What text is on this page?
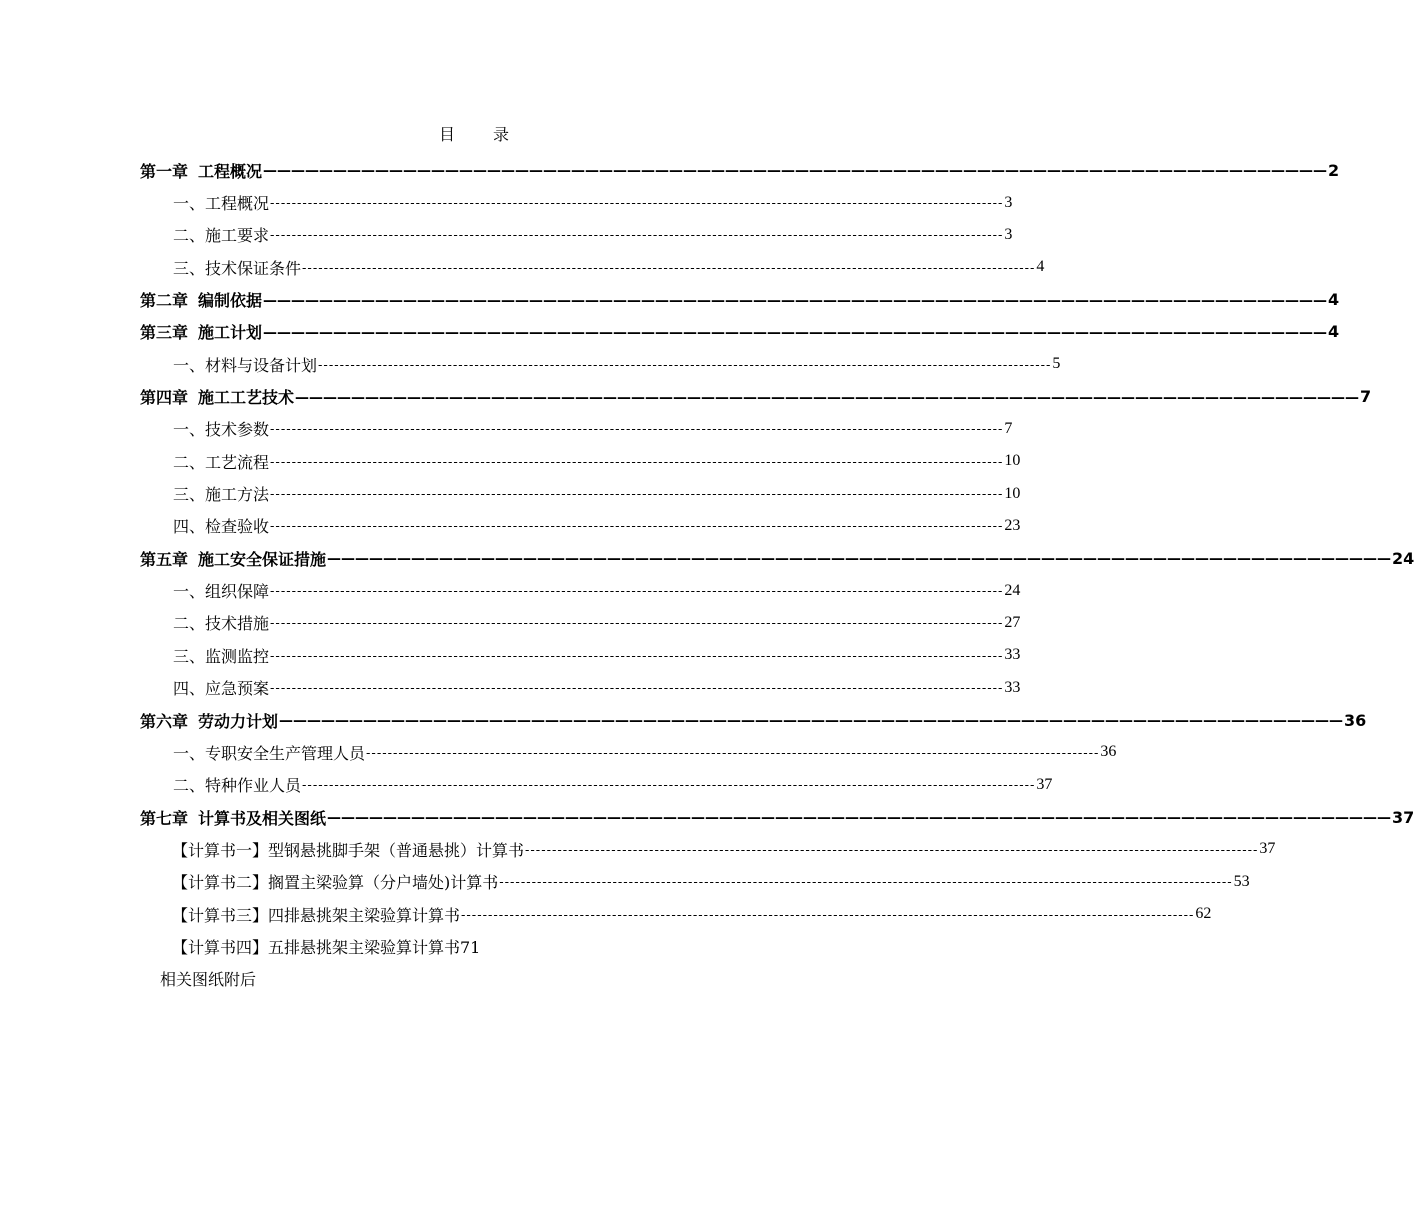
目 录
第一章 工程概况 ———————————————————————————————————————————————————————————————————————————— 2
一、 工程概况 ---------------------------------------------------------------------------------------------------------------------------------------- 3
二、 施工要求 ---------------------------------------------------------------------------------------------------------------------------------------- 3
三、 技术保证条件 ---------------------------------------------------------------------------------------------------------------------------------------- 4
第二章 编制依据 ———————————————————————————————————————————————————————————————————————————— 4
第三章 施工计划 ———————————————————————————————————————————————————————————————————————————— 4
一、 材料与设备计划 ---------------------------------------------------------------------------------------------------------------------------------------- 5
第四章 施工工艺技术 ———————————————————————————————————————————————————————————————————————————— 7
一、 技术参数 ---------------------------------------------------------------------------------------------------------------------------------------- 7
二、 工艺流程 ---------------------------------------------------------------------------------------------------------------------------------------- 10
三、 施工方法 ---------------------------------------------------------------------------------------------------------------------------------------- 10
四、 检查验收 ---------------------------------------------------------------------------------------------------------------------------------------- 23
第五章 施工安全保证措施 ———————————————————————————————————————————————————————————————————————————— 24
一、 组织保障 ---------------------------------------------------------------------------------------------------------------------------------------- 24
二、 技术措施 ---------------------------------------------------------------------------------------------------------------------------------------- 27
三、 监测监控 ---------------------------------------------------------------------------------------------------------------------------------------- 33
四、 应急预案 ---------------------------------------------------------------------------------------------------------------------------------------- 33
第六章 劳动力计划 ———————————————————————————————————————————————————————————————————————————— 36
一、 专职安全生产管理人员 ---------------------------------------------------------------------------------------------------------------------------------------- 36
二、 特种作业人员 ---------------------------------------------------------------------------------------------------------------------------------------- 37
第七章 计算书及相关图纸 ———————————————————————————————————————————————————————————————————————————— 37
【计算书一】型钢悬挑脚手架（普通悬挑）计算书 ---------------------------------------------------------------------------------------------------------------------------------------- 37
【计算书二】搁置主梁验算（分户墙处)计算书 ---------------------------------------------------------------------------------------------------------------------------------------- 53
【计算书三】四排悬挑架主梁验算计算书 ---------------------------------------------------------------------------------------------------------------------------------------- 62
【计算书四】五排悬挑架主梁验算计算书71
相关图纸附后
